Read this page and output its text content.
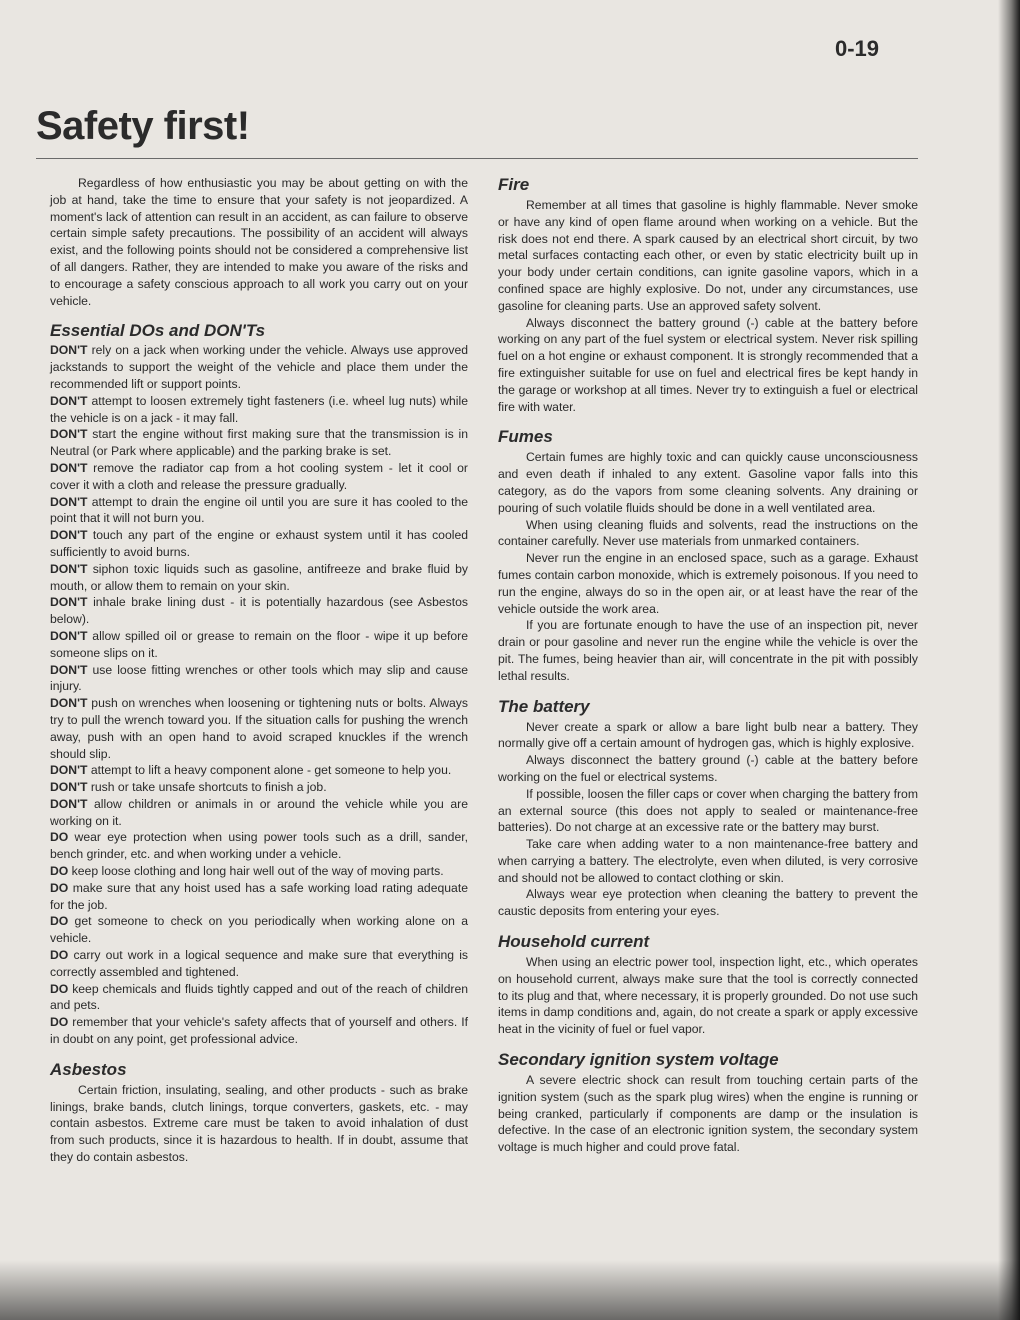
0-19
Safety first!

Regardless of how enthusiastic you may be about getting on with the job at hand, take the time to ensure that your safety is not jeopardized. A moment's lack of attention can result in an accident, as can failure to observe certain simple safety precautions. The possibility of an accident will always exist, and the following points should not be considered a comprehensive list of all dangers. Rather, they are intended to make you aware of the risks and to encourage a safety conscious approach to all work you carry out on your vehicle.

Essential DOs and DON'Ts

DON'T rely on a jack when working under the vehicle. Always use approved jackstands to support the weight of the vehicle and place them under the recommended lift or support points.

DON'T attempt to loosen extremely tight fasteners (i.e. wheel lug nuts) while the vehicle is on a jack - it may fall.

DON'T start the engine without first making sure that the transmission is in Neutral (or Park where applicable) and the parking brake is set.

DON'T remove the radiator cap from a hot cooling system - let it cool or cover it with a cloth and release the pressure gradually.

DON'T attempt to drain the engine oil until you are sure it has cooled to the point that it will not burn you.

DON'T touch any part of the engine or exhaust system until it has cooled sufficiently to avoid burns.

DON'T siphon toxic liquids such as gasoline, antifreeze and brake fluid by mouth, or allow them to remain on your skin.

DON'T inhale brake lining dust - it is potentially hazardous (see Asbestos below).

DON'T allow spilled oil or grease to remain on the floor - wipe it up before someone slips on it.

DON'T use loose fitting wrenches or other tools which may slip and cause injury.

DON'T push on wrenches when loosening or tightening nuts or bolts. Always try to pull the wrench toward you. If the situation calls for pushing the wrench away, push with an open hand to avoid scraped knuckles if the wrench should slip.

DON'T attempt to lift a heavy component alone - get someone to help you.

DON'T rush or take unsafe shortcuts to finish a job.

DON'T allow children or animals in or around the vehicle while you are working on it.

DO wear eye protection when using power tools such as a drill, sander, bench grinder, etc. and when working under a vehicle.

DO keep loose clothing and long hair well out of the way of moving parts.

DO make sure that any hoist used has a safe working load rating adequate for the job.

DO get someone to check on you periodically when working alone on a vehicle.

DO carry out work in a logical sequence and make sure that everything is correctly assembled and tightened.

DO keep chemicals and fluids tightly capped and out of the reach of children and pets.

DO remember that your vehicle's safety affects that of yourself and others. If in doubt on any point, get professional advice.

Asbestos

Certain friction, insulating, sealing, and other products - such as brake linings, brake bands, clutch linings, torque converters, gaskets, etc. - may contain asbestos. Extreme care must be taken to avoid inhalation of dust from such products, since it is hazardous to health. If in doubt, assume that they do contain asbestos.

Fire

Remember at all times that gasoline is highly flammable. Never smoke or have any kind of open flame around when working on a vehicle. But the risk does not end there. A spark caused by an electrical short circuit, by two metal surfaces contacting each other, or even by static electricity built up in your body under certain conditions, can ignite gasoline vapors, which in a confined space are highly explosive. Do not, under any circumstances, use gasoline for cleaning parts. Use an approved safety solvent.

Always disconnect the battery ground (-) cable at the battery before working on any part of the fuel system or electrical system. Never risk spilling fuel on a hot engine or exhaust component. It is strongly recommended that a fire extinguisher suitable for use on fuel and electrical fires be kept handy in the garage or workshop at all times. Never try to extinguish a fuel or electrical fire with water.

Fumes

Certain fumes are highly toxic and can quickly cause unconsciousness and even death if inhaled to any extent. Gasoline vapor falls into this category, as do the vapors from some cleaning solvents. Any draining or pouring of such volatile fluids should be done in a well ventilated area.

When using cleaning fluids and solvents, read the instructions on the container carefully. Never use materials from unmarked containers.

Never run the engine in an enclosed space, such as a garage. Exhaust fumes contain carbon monoxide, which is extremely poisonous. If you need to run the engine, always do so in the open air, or at least have the rear of the vehicle outside the work area.

If you are fortunate enough to have the use of an inspection pit, never drain or pour gasoline and never run the engine while the vehicle is over the pit. The fumes, being heavier than air, will concentrate in the pit with possibly lethal results.

The battery

Never create a spark or allow a bare light bulb near a battery. They normally give off a certain amount of hydrogen gas, which is highly explosive.

Always disconnect the battery ground (-) cable at the battery before working on the fuel or electrical systems.

If possible, loosen the filler caps or cover when charging the battery from an external source (this does not apply to sealed or maintenance-free batteries). Do not charge at an excessive rate or the battery may burst.

Take care when adding water to a non maintenance-free battery and when carrying a battery. The electrolyte, even when diluted, is very corrosive and should not be allowed to contact clothing or skin.

Always wear eye protection when cleaning the battery to prevent the caustic deposits from entering your eyes.

Household current

When using an electric power tool, inspection light, etc., which operates on household current, always make sure that the tool is correctly connected to its plug and that, where necessary, it is properly grounded. Do not use such items in damp conditions and, again, do not create a spark or apply excessive heat in the vicinity of fuel or fuel vapor.

Secondary ignition system voltage

A severe electric shock can result from touching certain parts of the ignition system (such as the spark plug wires) when the engine is running or being cranked, particularly if components are damp or the insulation is defective. In the case of an electronic ignition system, the secondary system voltage is much higher and could prove fatal.
